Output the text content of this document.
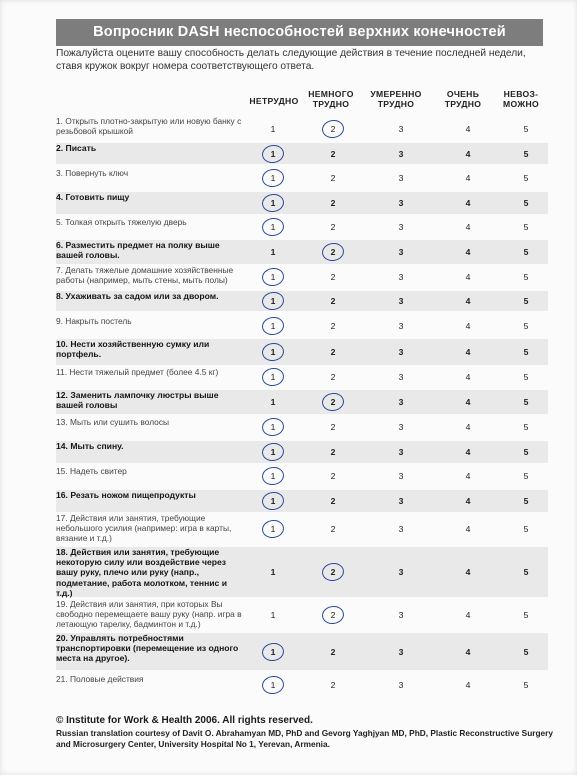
Вопросник DASH неспособностей верхних конечностей
Пожалуйста оцените вашу способность делать следующие действия в течение последней недели, ставя кружок вокруг номера соответствующего ответа.
НЕТРУДНО
НЕМНОГО ТРУДНО
УМЕРЕННО ТРУДНО
ОЧЕНЬ ТРУДНО
НЕВОЗ-МОЖНО
1. Открыть плотно-закрытую или новую банку с резьбовой крышкой	1	2	3	4	5
2. Писать
1	2	3	4	5
3. Повернуть ключ	1	2	3	4	5
4. Готовить пищу
1	2	3	4	5
5. Толкая открыть тяжелую дверь	1	2	3	4	5
6. Разместить предмет на полку выше вашей головы.	1	2	3	4	5
7. Делать тяжелые домашние хозяйственные работы (например, мыть стены, мыть полы)	1	2	3	4	5
8. Ухаживать за садом или за двором.	1	2	3	4	5
9. Накрыть постель	1	2	3	4	5
10. Нести хозяйственную сумку или портфель.	1	2	3	4	5
11. Нести тяжелый предмет (более 4.5 кг)	1	2	3	4	5
12. Заменить лампочку люстры выше вашей головы	1	2	3	4	5
13. Мыть или сушить волосы	1	2	3	4	5
14. Мыть спину.
1	2	3	4	5
15. Надеть свитер	1	2	3	4	5
16. Резать ножом пищепродукты
1	2	3	4	5
17. Действия или занятия, требующие небольшого усилия (например: игра в карты, вязание и т.д.)
1	2	3	4	5
18. Действия или занятия, требующие некоторую силу или воздействие через вашу руку, плечо или руку (напр., подметание, работа молотком, теннис и т.д.)
1	2	3	4	5
19. Действия или занятия, при которых Вы свободно перемещаете вашу руку (напр. игра в летающую тарелку, бадминтон и т.д.)
1	2	3	4	5
20. Управлять потребностями транспортировки (перемещение из одного места на другое).
1	2	3	4	5
21. Половые действия
1	2	3	4	5
© Institute for Work & Health 2006. All rights reserved.
Russian translation courtesy of Davit O. Abrahamyan MD, PhD and Gevorg Yaghjyan MD, PhD, Plastic Reconstructive Surgery and Microsurgery Center, University Hospital No 1, Yerevan, Armenia.
